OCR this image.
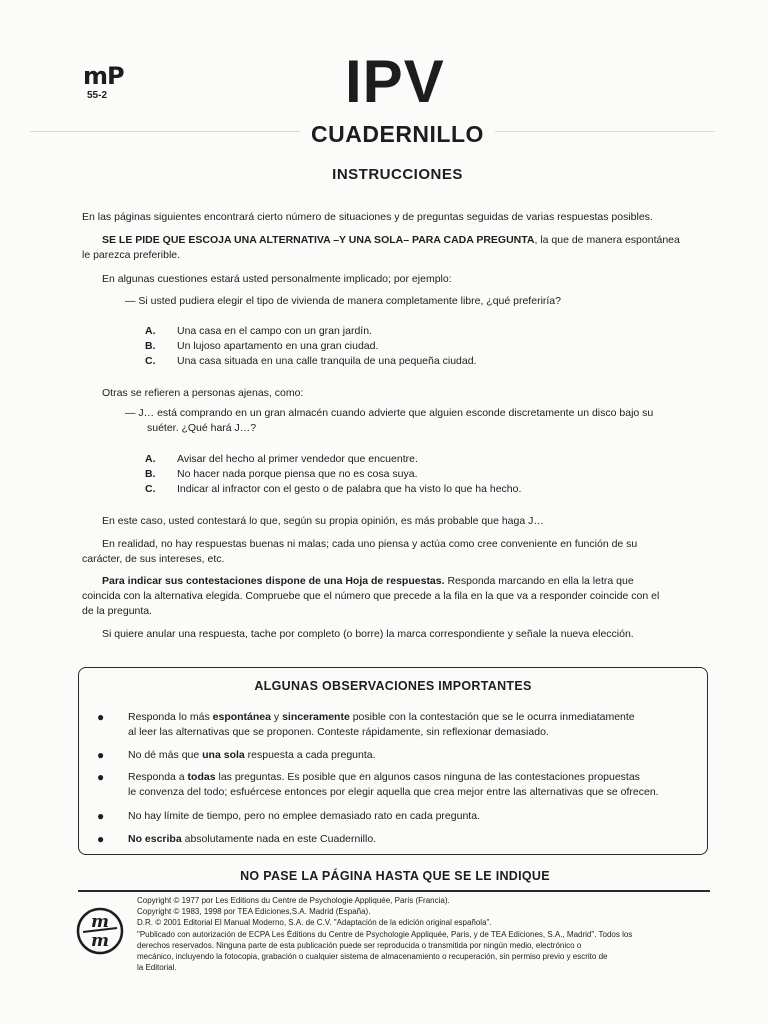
mP
55-2	IPV
CUADERNILLO
INSTRUCCIONES
En las páginas siguientes encontrará cierto número de situaciones y de preguntas seguidas de varias respuestas posibles.
SE LE PIDE QUE ESCOJA UNA ALTERNATIVA –Y UNA SOLA– PARA CADA PREGUNTA, la que de manera espontánea
le parezca preferible.
En algunas cuestiones estará usted personalmente implicado; por ejemplo:
— Si usted pudiera elegir el tipo de vivienda de manera completamente libre, ¿qué preferiría?
A. Una casa en el campo con un gran jardín.
B. Un lujoso apartamento en una gran ciudad.
C. Una casa situada en una calle tranquila de una pequeña ciudad.
Otras se refieren a personas ajenas, como:
— J… está comprando en un gran almacén cuando advierte que alguien esconde discretamente un disco bajo su
suéter. ¿Qué hará J…?
A. Avisar del hecho al primer vendedor que encuentre.
B. No hacer nada porque piensa que no es cosa suya.
C. Indicar al infractor con el gesto o de palabra que ha visto lo que ha hecho.
En este caso, usted contestará lo que, según su propia opinión, es más probable que haga J…
En realidad, no hay respuestas buenas ni malas; cada uno piensa y actúa como cree conveniente en función de su
carácter, de sus intereses, etc.
Para indicar sus contestaciones dispone de una Hoja de respuestas. Responda marcando en ella la letra que
coincida con la alternativa elegida. Compruebe que el número que precede a la fila en la que va a responder coincide con el
de la pregunta.
Si quiere anular una respuesta, tache por completo (o borre) la marca correspondiente y señale la nueva elección.
ALGUNAS OBSERVACIONES IMPORTANTES
● Responda lo más espontánea y sinceramente posible con la contestación que se le ocurra inmediatamente
al leer las alternativas que se proponen. Conteste rápidamente, sin reflexionar demasiado.
● No dé más que una sola respuesta a cada pregunta.
● Responda a todas las preguntas. Es posible que en algunos casos ninguna de las contestaciones propuestas
le convenza del todo; esfuércese entonces por elegir aquella que crea mejor entre las alternativas que se ofrecen.
● No hay límite de tiempo, pero no emplee demasiado rato en cada pregunta.
● No escriba absolutamente nada en este Cuadernillo.
NO PASE LA PÁGINA HASTA QUE SE LE INDIQUE
m
m
Copyright © 1977 por Les Editions du Centre de Psychologie Appliquée, París (Francia).
Copyright © 1983, 1998 por TEA Ediciones,S.A. Madrid (España).
D.R. © 2001 Editorial El Manual Moderno, S.A. de C.V. "Adaptación de la edición original española".
"Publicado con autorización de ECPA Les Éditions du Centre de Psychologie Appliquée, Paris, y de TEA Ediciones, S.A., Madrid". Todos los
derechos reservados. Ninguna parte de esta publicación puede ser reproducida o transmitida por ningún medio, electrónico o
mecánico, incluyendo la fotocopia, grabación o cualquier sistema de almacenamiento o recuperación, sin permiso previo y escrito de
la Editorial.
